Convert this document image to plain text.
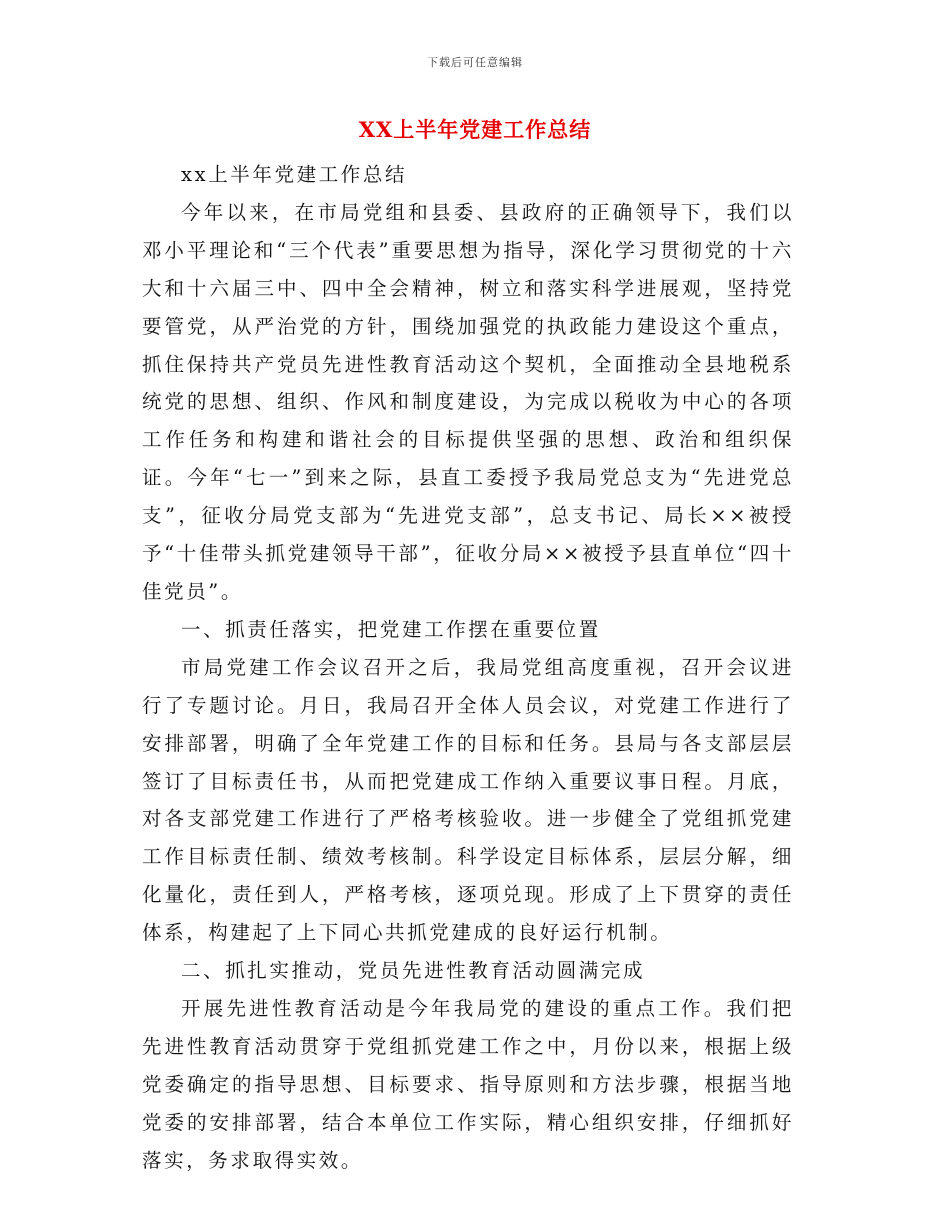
下载后可任意编辑
XX上半年党建工作总结

xx上半年党建工作总结

今年以来，在市局党组和县委、县政府的正确领导下，我们以邓小平理论和“三个代表”重要思想为指导，深化学习贯彻党的十六大和十六届三中、四中全会精神，树立和落实科学进展观，坚持党要管党，从严治党的方针，围绕加强党的执政能力建设这个重点，抓住保持共产党员先进性教育活动这个契机，全面推动全县地税系统党的思想、组织、作风和制度建设，为完成以税收为中心的各项工作任务和构建和谐社会的目标提供坚强的思想、政治和组织保证。今年“七一”到来之际，县直工委授予我局党总支为“先进党总支”，征收分局党支部为“先进党支部”，总支书记、局长××被授予“十佳带头抓党建领导干部”，征收分局××被授予县直单位“四十佳党员”。

一、抓责任落实，把党建工作摆在重要位置

市局党建工作会议召开之后，我局党组高度重视，召开会议进行了专题讨论。月日，我局召开全体人员会议，对党建工作进行了安排部署，明确了全年党建工作的目标和任务。县局与各支部层层签订了目标责任书，从而把党建成工作纳入重要议事日程。月底，对各支部党建工作进行了严格考核验收。进一步健全了党组抓党建工作目标责任制、绩效考核制。科学设定目标体系，层层分解，细化量化，责任到人，严格考核，逐项兑现。形成了上下贯穿的责任体系，构建起了上下同心共抓党建成的良好运行机制。

二、抓扎实推动，党员先进性教育活动圆满完成

开展先进性教育活动是今年我局党的建设的重点工作。我们把先进性教育活动贯穿于党组抓党建工作之中，月份以来，根据上级党委确定的指导思想、目标要求、指导原则和方法步骤，根据当地党委的安排部署，结合本单位工作实际，精心组织安排，仔细抓好落实，务求取得实效。
